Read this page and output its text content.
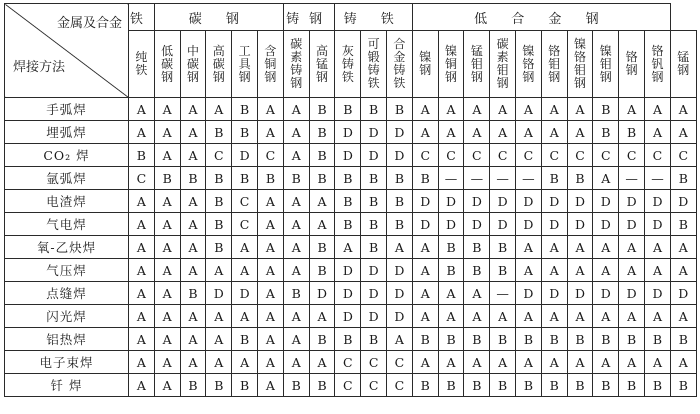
金属及合金
焊接方法	铁	碳 钢					铸钢		铸 铁			低 合 金 钢										
	纯铁	低碳钢	中碳钢	高碳钢	工具钢	含铜钢	碳素铸钢	高锰钢	灰铸铁	可锻铸铁	合金铸铁	镍钢	镍铜钢	锰钼钢	碳素钼钢	镍铬钢	铬钼钢	镍铬钼钢	镍钼钢	铬钢	铬钒钢	锰钢
手弧焊	A	A	A	A	B	A	A	B	B	B	B	A	A	A	A	A	A	A	B	A	A	A
埋弧焊	A	A	A	B	B	A	A	B	D	D	D	A	A	A	A	A	A	A	B	B	A	A
CO₂ 焊	B	A	A	C	D	C	A	B	D	D	D	C	C	C	C	C	C	C	C	C	C	C
氩弧焊	C	B	B	B	B	B	B	B	B	B	B	B	—	—	—	—	B	B	A	—	—	B
电渣焊	A	A	A	B	C	A	A	A	B	B	B	D	D	D	D	D	D	D	D	D	D	D
气电焊	A	A	A	B	C	A	A	A	B	B	B	D	D	D	D	D	D	D	D	D	D	B
氧-乙炔焊	A	A	A	B	A	A	A	B	A	B	A	A	B	B	B	A	A	A	A	A	A	A
气压焊	A	A	A	A	A	A	A	B	D	D	D	A	B	B	B	A	A	A	A	A	A	A
点缝焊	A	A	B	D	D	A	B	D	D	D	D	A	A	A	—	D	D	D	D	D	D	D
闪光焊	A	A	A	A	A	A	A	A	D	D	D	A	A	A	A	A	A	A	A	A	A	A
铝热焊	A	A	A	A	B	A	A	B	B	B	A	B	B	B	B	B	B	B	B	B	B	B
电子束焊	A	A	A	A	A	A	A	A	C	C	C	A	A	A	A	A	A	A	A	A	A	A
钎 焊	A	A	B	B	B	A	B	B	C	C	C	B	B	B	B	B	B	B	B	B	B	B
